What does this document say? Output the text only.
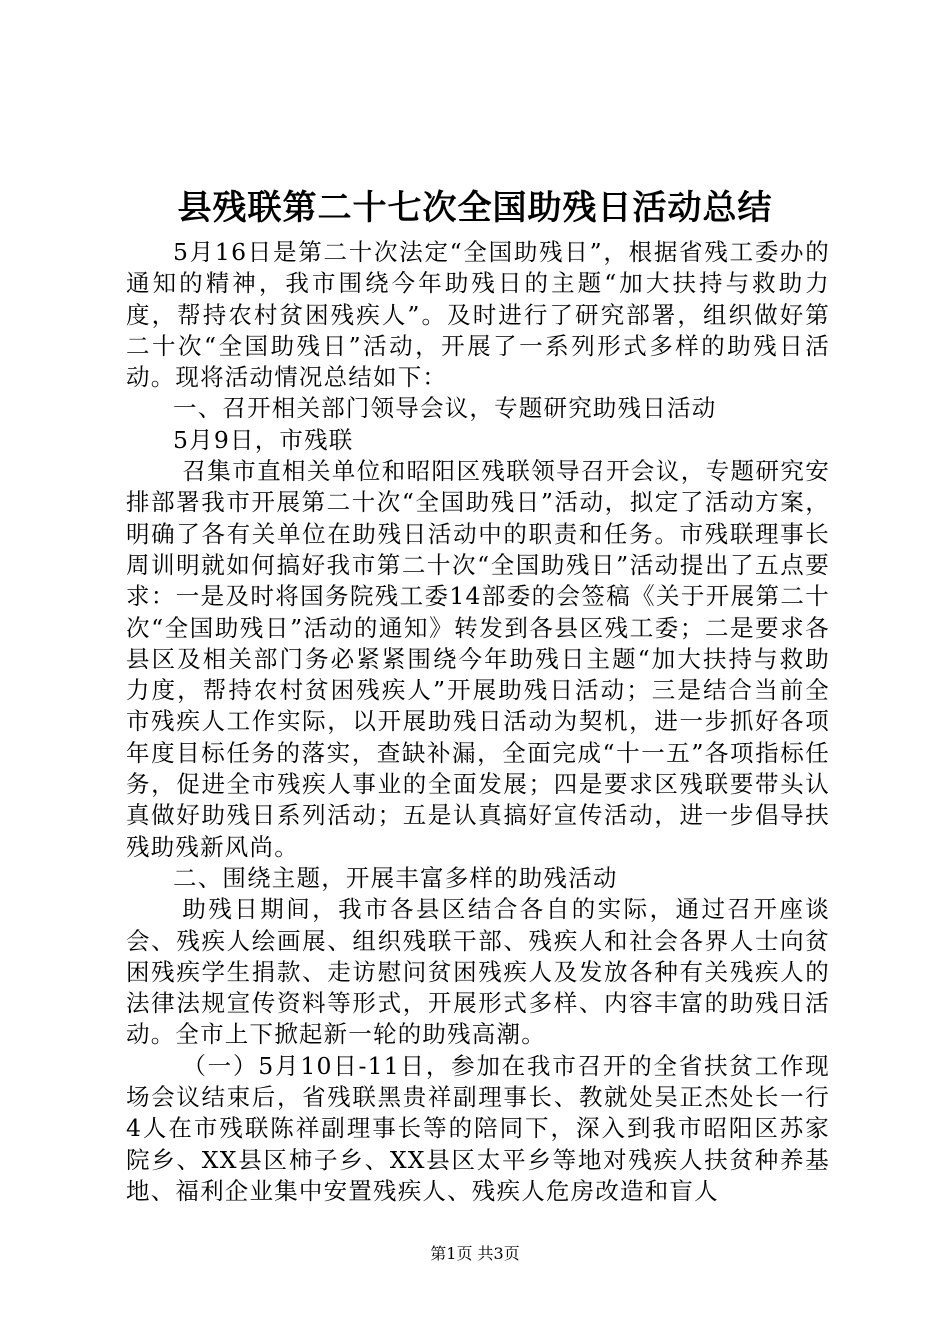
县残联第二十七次全国助残日活动总结

5月16日是第二十次法定“全国助残日”，根据省残工委办的通知的精神，我市围绕今年助残日的主题“加大扶持与救助力度，帮持农村贫困残疾人”。及时进行了研究部署，组织做好第二十次“全国助残日”活动，开展了一系列形式多样的助残日活动。现将活动情况总结如下：

一、召开相关部门领导会议，专题研究助残日活动

5月9日，市残联

召集市直相关单位和昭阳区残联领导召开会议，专题研究安排部署我市开展第二十次“全国助残日”活动，拟定了活动方案，明确了各有关单位在助残日活动中的职责和任务。市残联理事长周训明就如何搞好我市第二十次“全国助残日”活动提出了五点要求：一是及时将国务院残工委14部委的会签稿《关于开展第二十次“全国助残日”活动的通知》转发到各县区残工委；二是要求各县区及相关部门务必紧紧围绕今年助残日主题“加大扶持与救助力度，帮持农村贫困残疾人”开展助残日活动；三是结合当前全市残疾人工作实际，以开展助残日活动为契机，进一步抓好各项年度目标任务的落实，查缺补漏，全面完成“十一五”各项指标任务，促进全市残疾人事业的全面发展；四是要求区残联要带头认真做好助残日系列活动；五是认真搞好宣传活动，进一步倡导扶残助残新风尚。

二、围绕主题，开展丰富多样的助残活动

助残日期间，我市各县区结合各自的实际，通过召开座谈会、残疾人绘画展、组织残联干部、残疾人和社会各界人士向贫困残疾学生捐款、走访慰问贫困残疾人及发放各种有关残疾人的法律法规宣传资料等形式，开展形式多样、内容丰富的助残日活动。全市上下掀起新一轮的助残高潮。

（一）5月10日-11日，参加在我市召开的全省扶贫工作现场会议结束后，省残联黑贵祥副理事长、教就处吴正杰处长一行4人在市残联陈祥副理事长等的陪同下，深入到我市昭阳区苏家院乡、XX县区柿子乡、XX县区太平乡等地对残疾人扶贫种养基地、福利企业集中安置残疾人、残疾人危房改造和盲人

第1页 共3页
